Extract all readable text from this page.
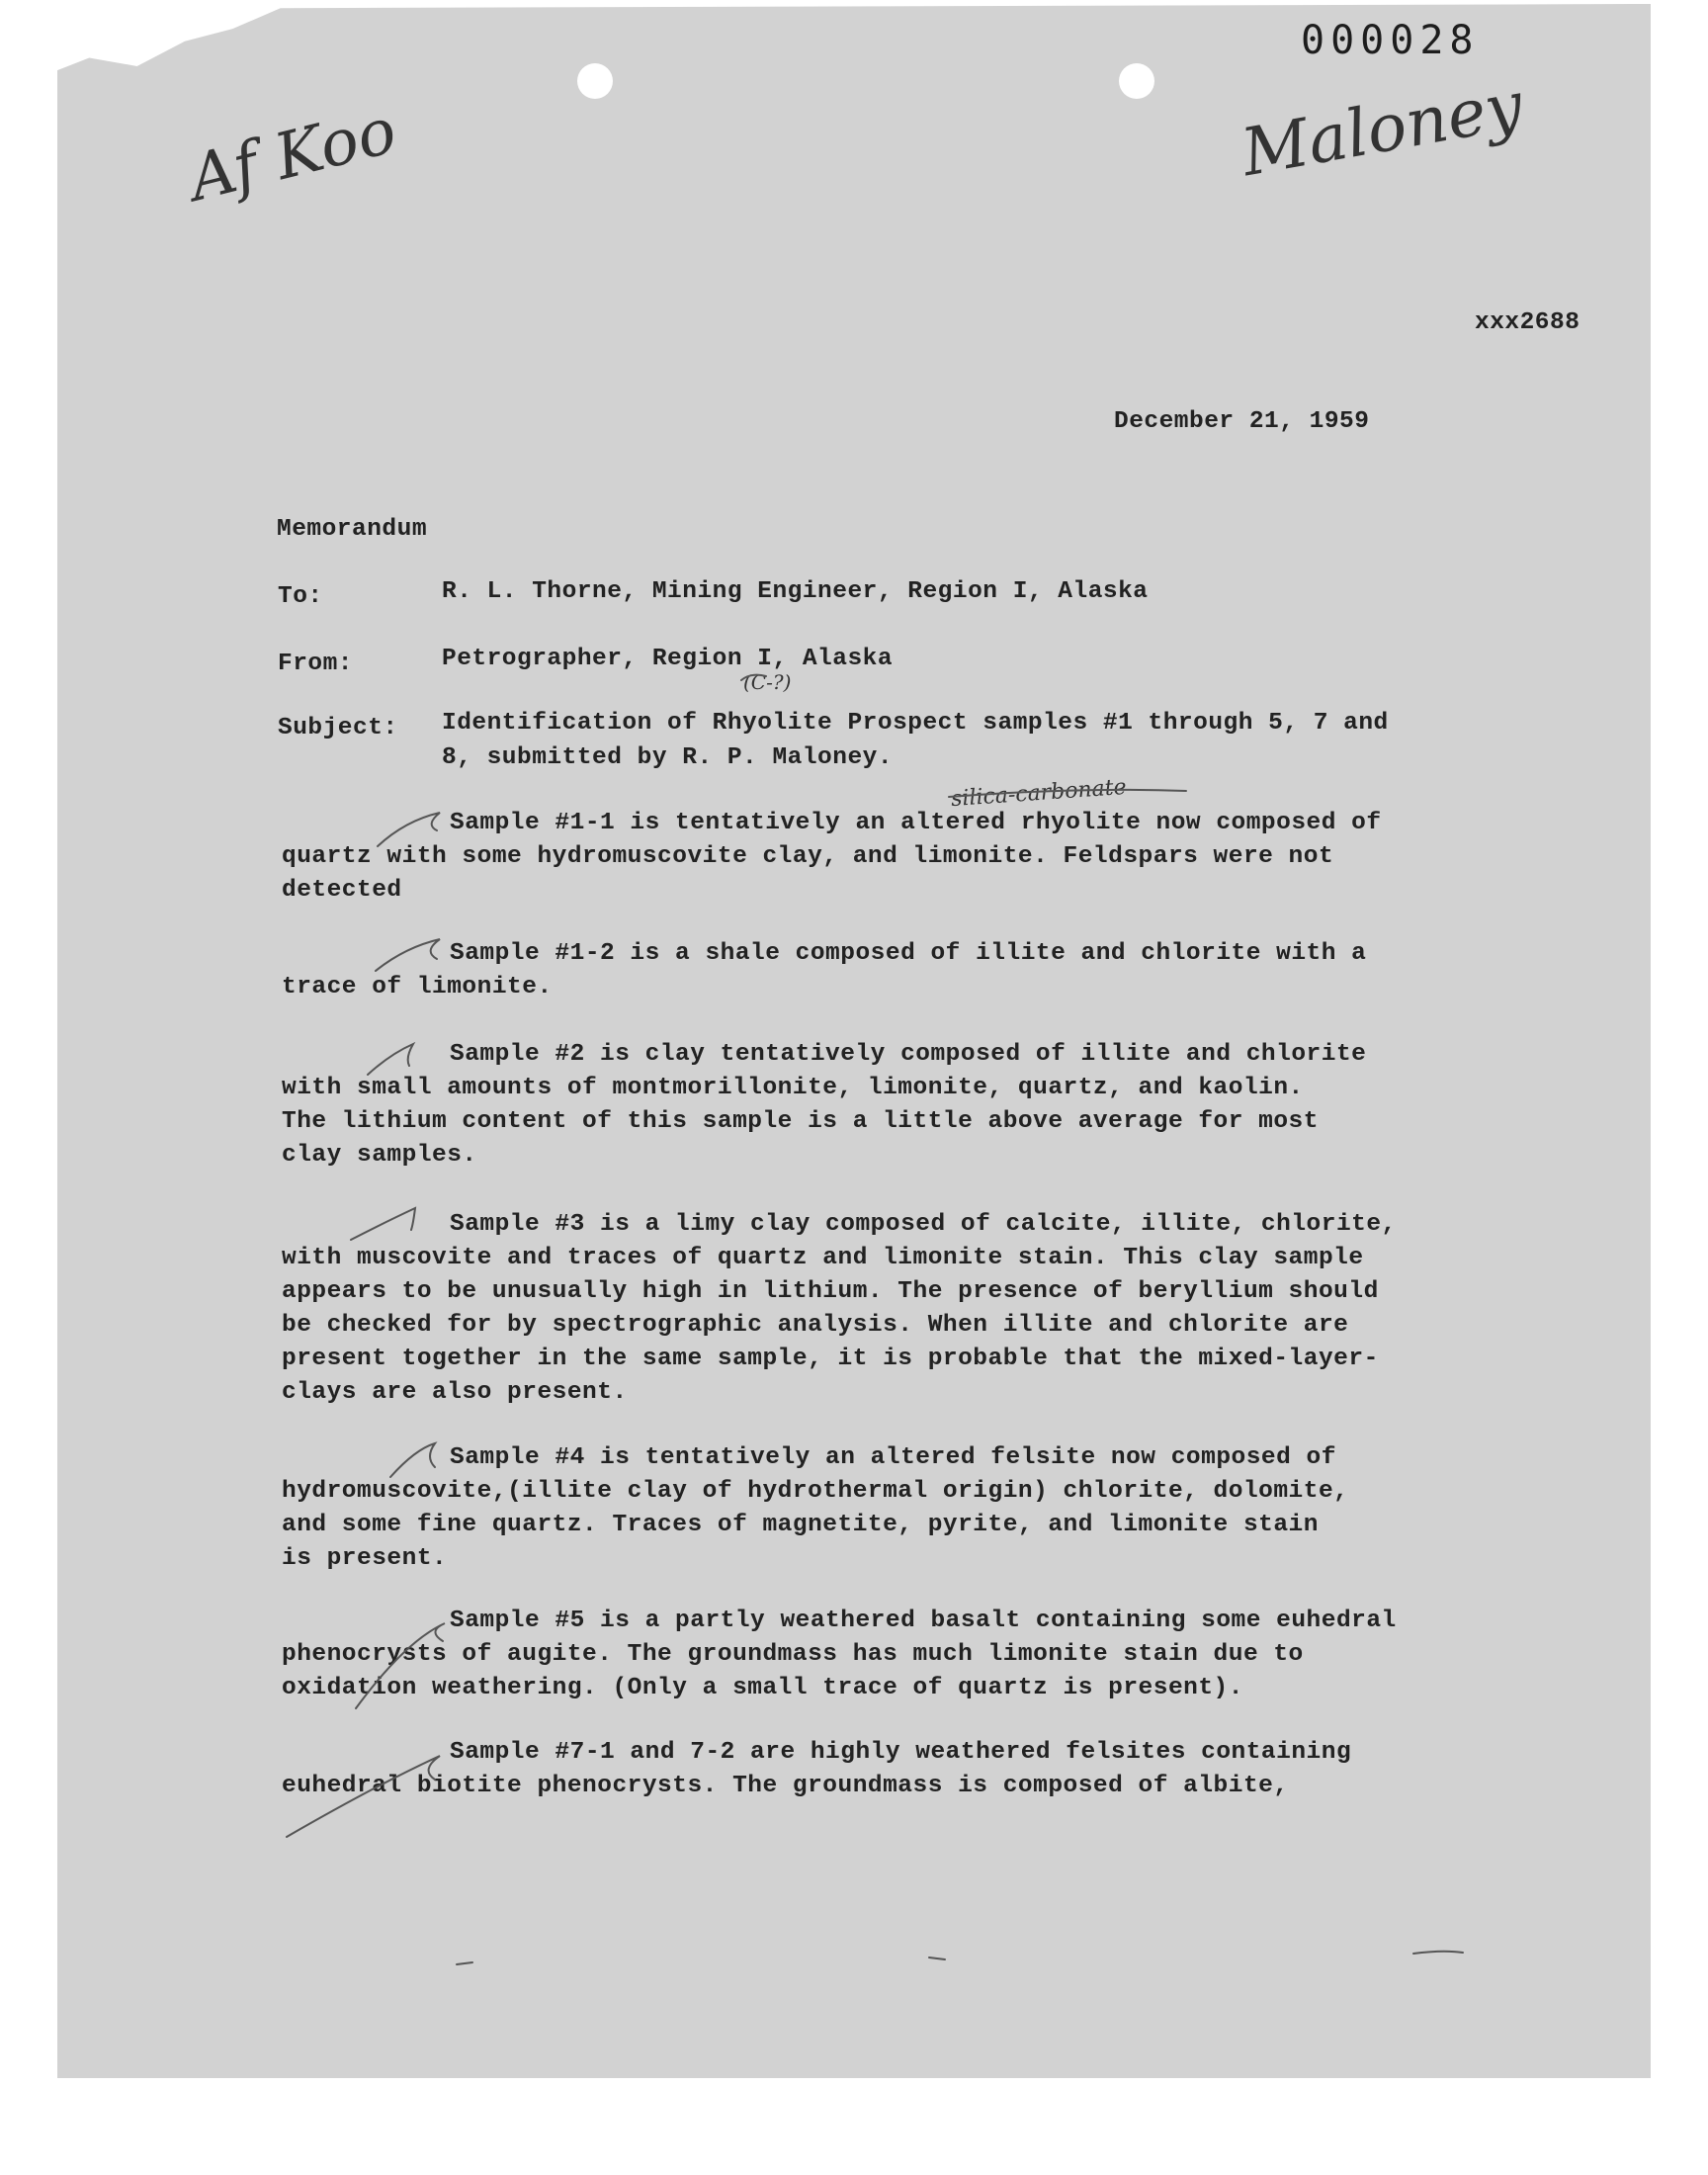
000028
Af Koo	Maloney
xxx2688
December 21, 1959
Memorandum
To:	R. L. Thorne, Mining Engineer, Region I, Alaska
From:	Petrographer, Region I, Alaska
Subject: Identification of Rhyolite Prospect samples #1 through 5, 7 and
8, submitted by R. P. Maloney.
(C-?)
silica-carbonate
Sample #1-1 is tentatively an altered rhyolite now composed of
quartz with some hydromuscovite clay, and limonite. Feldspars were not
detected
Sample #1-2 is a shale composed of illite and chlorite with a
trace of limonite.
Sample #2 is clay tentatively composed of illite and chlorite
with small amounts of montmorillonite, limonite, quartz, and kaolin.
The lithium content of this sample is a little above average for most
clay samples.
Sample #3 is a limy clay composed of calcite, illite, chlorite,
with muscovite and traces of quartz and limonite stain. This clay sample
appears to be unusually high in lithium. The presence of beryllium should
be checked for by spectrographic analysis. When illite and chlorite are
present together in the same sample, it is probable that the mixed-layer-
clays are also present.
Sample #4 is tentatively an altered felsite now composed of
hydromuscovite,(illite clay of hydrothermal origin) chlorite, dolomite,
and some fine quartz. Traces of magnetite, pyrite, and limonite stain
is present.
Sample #5 is a partly weathered basalt containing some euhedral
phenocrysts of augite. The groundmass has much limonite stain due to
oxidation weathering. (Only a small trace of quartz is present).
Sample #7-1 and 7-2 are highly weathered felsites containing
euhedral biotite phenocrysts. The groundmass is composed of albite,
